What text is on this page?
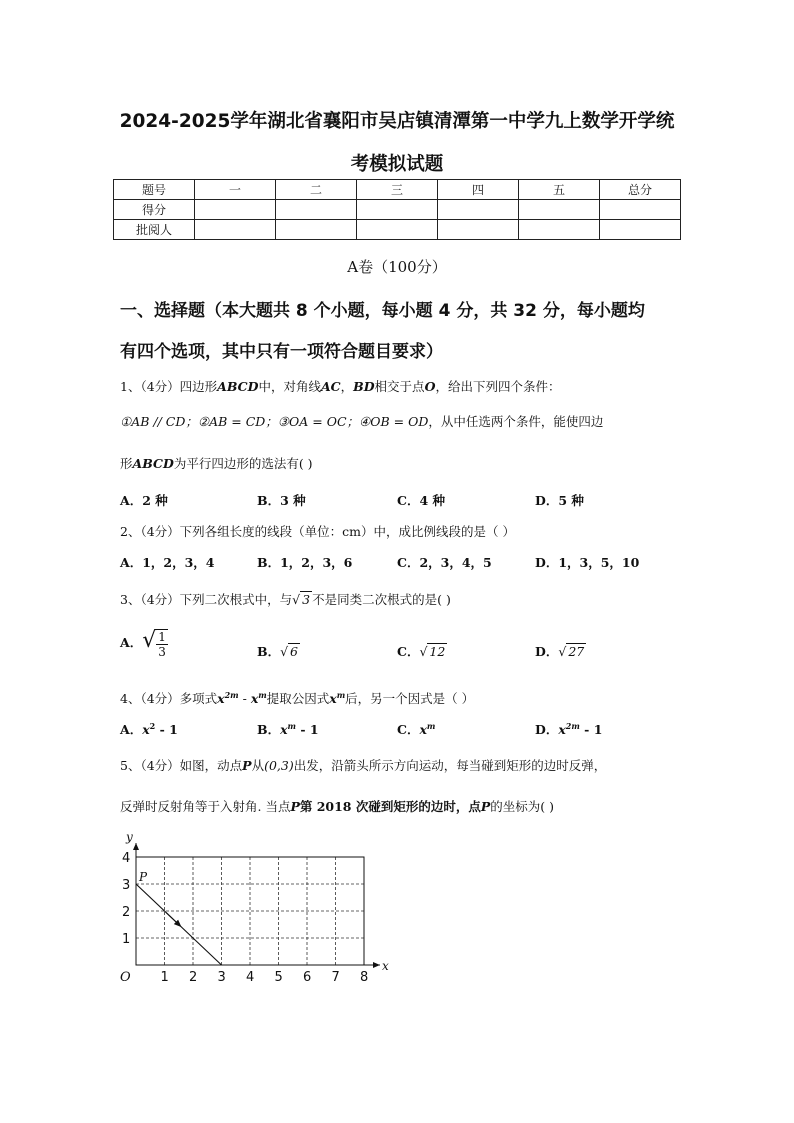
2024-2025学年湖北省襄阳市吴店镇清潭第一中学九上数学开学统
考模拟试题
题号	一	二	三	四	五	总分
得分						
批阅人						
A卷（100分）
一、选择题（本大题共 8 个小题，每小题 4 分，共 32 分，每小题均
有四个选项，其中只有一项符合题目要求）
1、（4分）四边形ABCD中，对角线AC，BD相交于点O，给出下列四个条件：
①AB // CD；②AB = CD；③OA = OC；④OB = OD，从中任选两个条件，能使四边
形ABCD为平行四边形的选法有( )
A．2 种	B．3 种	C．4 种	D．5 种
2、（4分）下列各组长度的线段（单位：cm）中，成比例线段的是（ ）
A．1，2，3，4	B．1，2，3，6	C．2，3，4，5	D．1，3，5，10
3、（4分）下列二次根式中，与√ 3 不是同类二次根式的是( )
A．√ $\frac{1}{3}$	B．√ 6	C．√ 12	D．√ 27
4、（4分）多项式$x^{2m} - x^m$提取公因式$x^m$后，另一个因式是（ ）
A．$x^2 - 1$	B．$x^m - 1$	C．$x^m$	D．$x^{2m} - 1$
5、（4分）如图，动点P从(0,3)出发，沿箭头所示方向运动，每当碰到矩形的边时反弹，
反弹时反射角等于入射角. 当点P第 2018 次碰到矩形的边时，点P的坐标为( )
1 2 3 4 5 6 7 8
1
2
3
4
O
x
y
P
